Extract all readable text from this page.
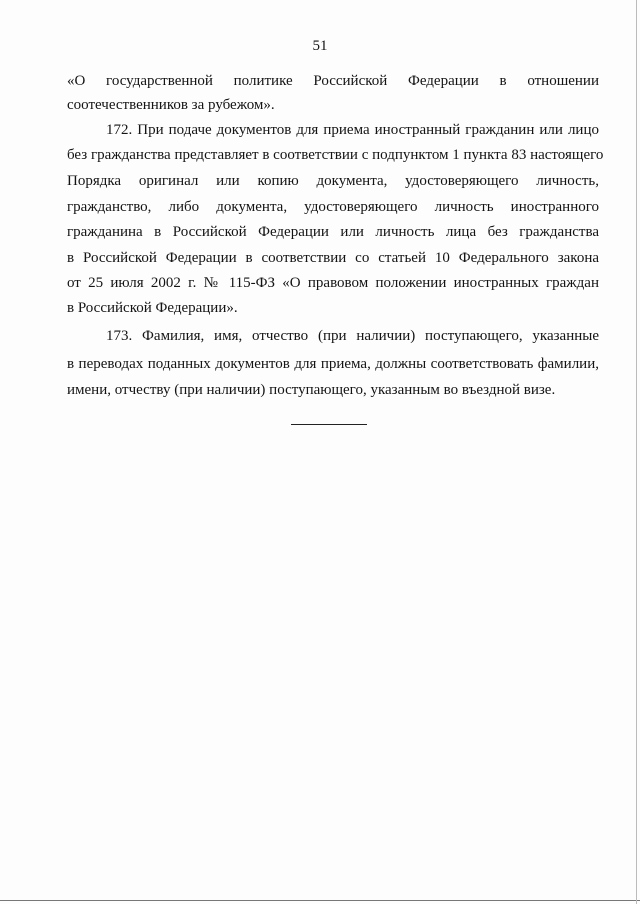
51
«О государственной политике Российской Федерации в отношении
соотечественников за рубежом».
172. При подаче документов для приема иностранный гражданин или лицо
без гражданства представляет в соответствии с подпунктом 1 пункта 83 настоящего
Порядка оригинал или копию документа, удостоверяющего личность,
гражданство, либо документа, удостоверяющего личность иностранного
гражданина в Российской Федерации или личность лица без гражданства
в Российской Федерации в соответствии со статьей 10 Федерального закона
от 25 июля 2002 г. № 115-ФЗ «О правовом положении иностранных граждан
в Российской Федерации».
173. Фамилия, имя, отчество (при наличии) поступающего, указанные
в переводах поданных документов для приема, должны соответствовать фамилии,
имени, отчеству (при наличии) поступающего, указанным во въездной визе.
